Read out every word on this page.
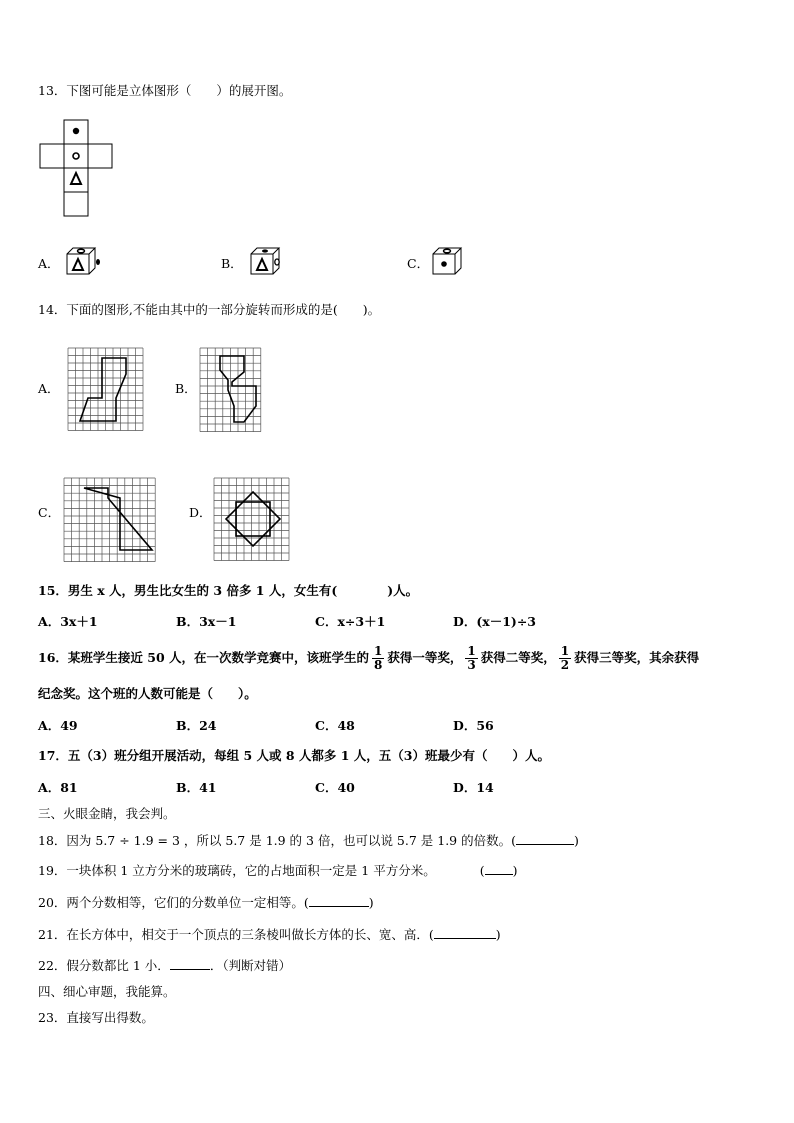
13．下图可能是立体图形（　　）的展开图。
A．	B．	C．
14．下面的图形,不能由其中的一部分旋转而形成的是(　　)。
A．	B．
C．	D．
15．男生 x 人，男生比女生的 3 倍多 1 人，女生有(　　　　)人。
A．3x＋1	B．3x－1	C．x÷3＋1	D．(x－1)÷3
16．某班学生接近 50 人，在一次数学竞赛中，该班学生的 $\frac{1}{8}$ 获得一等奖， $\frac{1}{3}$ 获得二等奖， $\frac{1}{2}$ 获得三等奖，其余获得
纪念奖。这个班的人数可能是（　　）。
A．49	B．24	C．48	D．56
17．五（3）班分组开展活动，每组 5 人或 8 人都多 1 人，五（3）班最少有（　　）人。
A．81	B．41	C．40	D．14
三、火眼金睛，我会判。
18．因为 5.7 ÷ 1.9 = 3 ，所以 5.7 是 1.9 的 3 倍，也可以说 5.7 是 1.9 的倍数。(	)
19．一块体积 1 立方分米的玻璃砖，它的占地面积一定是 1 平方分米。	( )
20．两个分数相等，它们的分数单位一定相等。(	)
21．在长方体中，相交于一个顶点的三条棱叫做长方体的长、宽、高．(	)
22．假分数都比 1 小．	．（判断对错）
四、细心审题，我能算。
23．直接写出得数。
